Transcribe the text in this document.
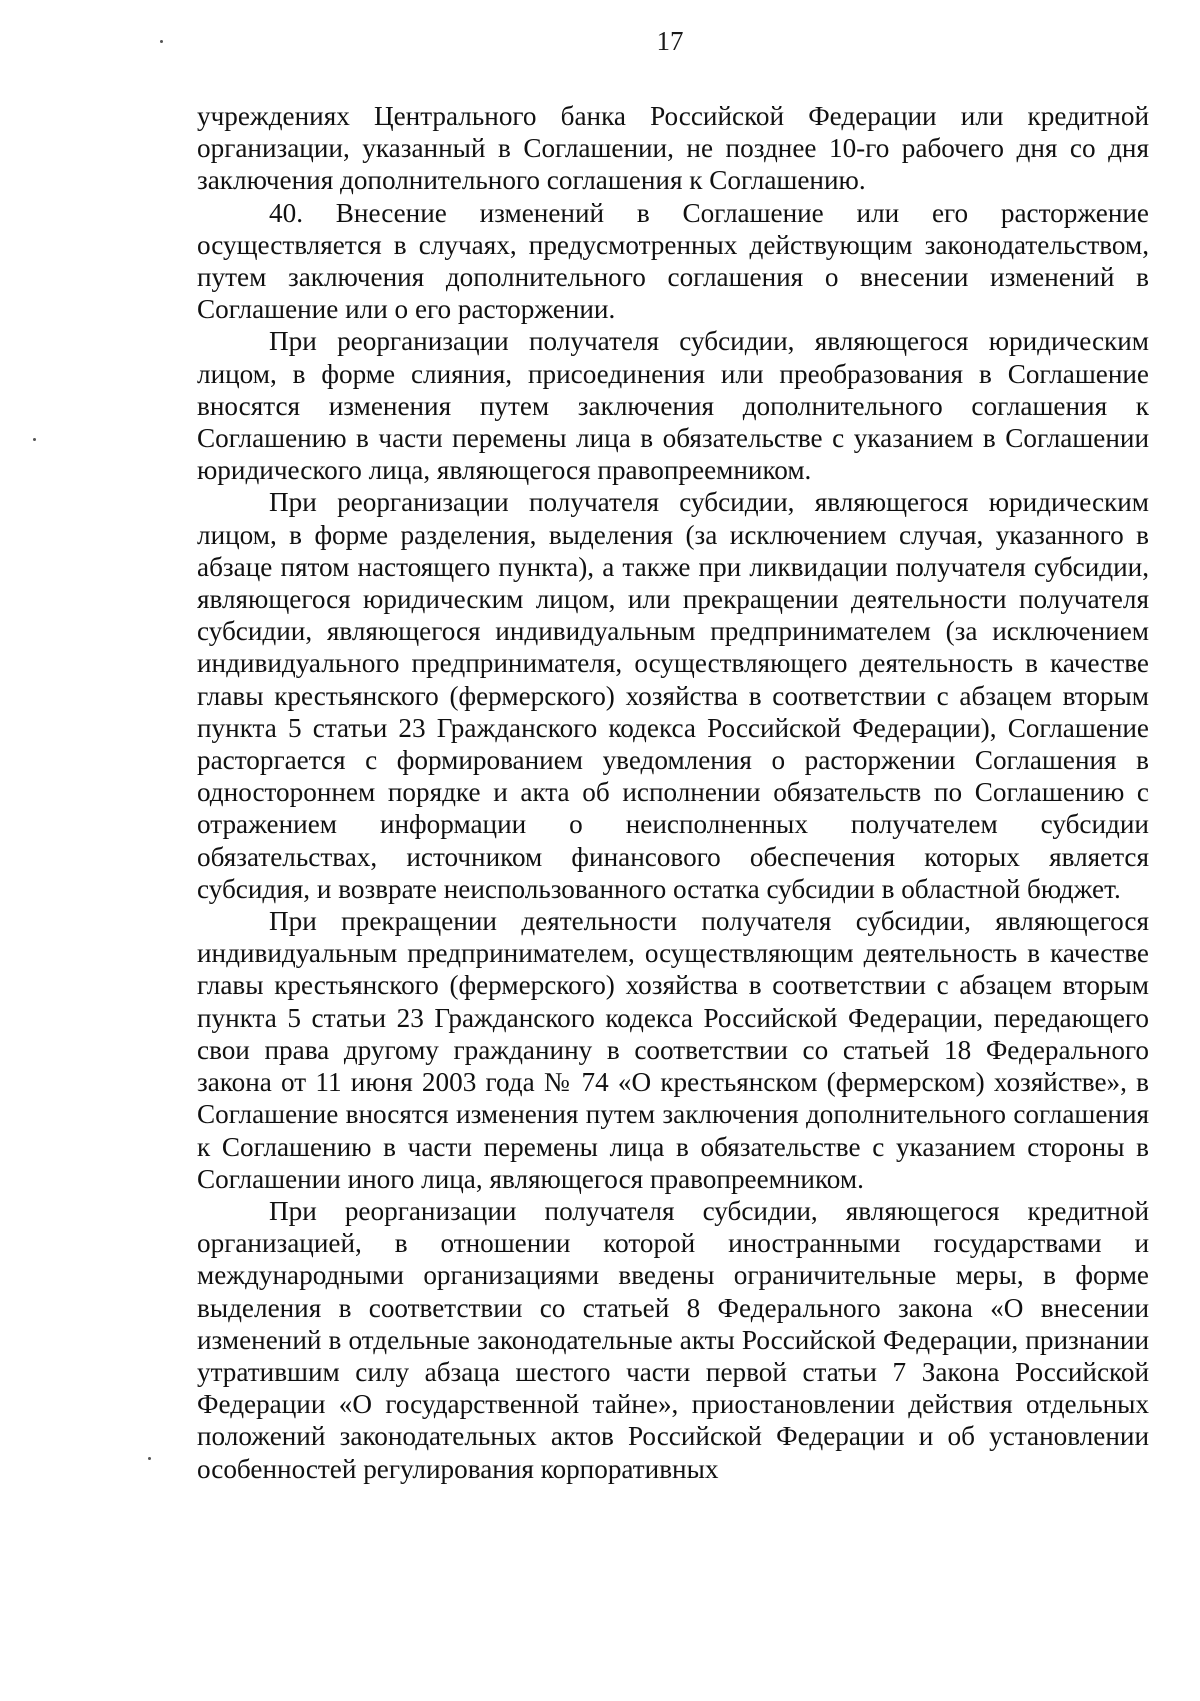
17

учреждениях Центрального банка Российской Федерации или кредитной организации, указанный в Соглашении, не позднее 10-го рабочего дня со дня заключения дополнительного соглашения к Соглашению.

40. Внесение изменений в Соглашение или его расторжение осуществляется в случаях, предусмотренных действующим законодательством, путем заключения дополнительного соглашения о внесении изменений в Соглашение или о его расторжении.

При реорганизации получателя субсидии, являющегося юридическим лицом, в форме слияния, присоединения или преобразования в Соглашение вносятся изменения путем заключения дополнительного соглашения к Соглашению в части перемены лица в обязательстве с указанием в Соглашении юридического лица, являющегося правопреемником.

При реорганизации получателя субсидии, являющегося юридическим лицом, в форме разделения, выделения (за исключением случая, указанного в абзаце пятом настоящего пункта), а также при ликвидации получателя субсидии, являющегося юридическим лицом, или прекращении деятельности получателя субсидии, являющегося индивидуальным предпринимателем (за исключением индивидуального предпринимателя, осуществляющего деятельность в качестве главы крестьянского (фермерского) хозяйства в соответствии с абзацем вторым пункта 5 статьи 23 Гражданского кодекса Российской Федерации), Соглашение расторгается с формированием уведомления о расторжении Соглашения в одностороннем порядке и акта об исполнении обязательств по Соглашению с отражением информации о неисполненных получателем субсидии обязательствах, источником финансового обеспечения которых является субсидия, и возврате неиспользованного остатка субсидии в областной бюджет.

При прекращении деятельности получателя субсидии, являющегося индивидуальным предпринимателем, осуществляющим деятельность в качестве главы крестьянского (фермерского) хозяйства в соответствии с абзацем вторым пункта 5 статьи 23 Гражданского кодекса Российской Федерации, передающего свои права другому гражданину в соответствии со статьей 18 Федерального закона от 11 июня 2003 года № 74 «О крестьянском (фермерском) хозяйстве», в Соглашение вносятся изменения путем заключения дополнительного соглашения к Соглашению в части перемены лица в обязательстве с указанием стороны в Соглашении иного лица, являющегося правопреемником.

При реорганизации получателя субсидии, являющегося кредитной организацией, в отношении которой иностранными государствами и международными организациями введены ограничительные меры, в форме выделения в соответствии со статьей 8 Федерального закона «О внесении изменений в отдельные законодательные акты Российской Федерации, признании утратившим силу абзаца шестого части первой статьи 7 Закона Российской Федерации «О государственной тайне», приостановлении действия отдельных положений законодательных актов Российской Федерации и об установлении особенностей регулирования корпоративных
